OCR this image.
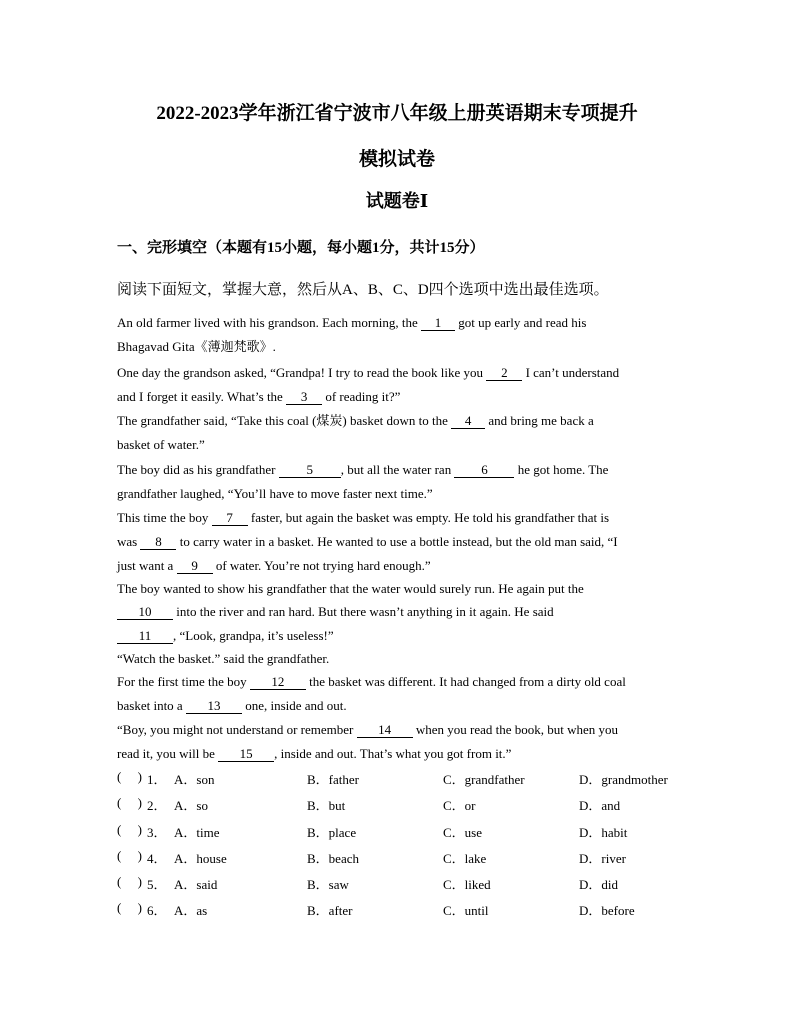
2022-2023学年浙江省宁波市八年级上册英语期末专项提升
模拟试卷
试题卷Ⅰ
一、完形填空（本题有15小题，每小题1分，共计15分）
阅读下面短文，掌握大意，然后从A、B、C、D四个选项中选出最佳选项。
An old farmer lived with his grandson. Each morning, the 1 got up early and read his
Bhagavad Gita《薄迦梵歌》.
One day the grandson asked, “Grandpa! I try to read the book like you 2 I can’t understand
and I forget it easily. What’s the 3 of reading it?”
The grandfather said, “Take this coal (煤炭) basket down to the 4 and bring me back a
basket of water.”
The boy did as his grandfather 5 , but all the water ran 6 he got home. The
grandfather laughed, “You’ll have to move faster next time.”
This time the boy 7 faster, but again the basket was empty. He told his grandfather that is
was 8 to carry water in a basket. He wanted to use a bottle instead, but the old man said, “I
just want a 9 of water. You’re not trying hard enough.”
The boy wanted to show his grandfather that the water would surely run. He again put the
10 into the river and ran hard. But there wasn’t anything in it again. He said
11 , “Look, grandpa, it’s useless!”
“Watch the basket.” said the grandfather.
For the first time the boy 12 the basket was different. It had changed from a dirty old coal
basket into a 13 one, inside and out.
“Boy, you might not understand or remember 14 when you read the book, but when you
read it, you will be 15 , inside and out. That’s what you got from it.”
(     ) 1． A．son	B．father	C．grandfather	D．grandmother
(     ) 2． A．so	B．but	C．or	D．and
(     ) 3． A．time	B．place	C．use	D．habit
(     ) 4． A．house	B．beach	C．lake	D．river
(     ) 5． A．said	B．saw	C．liked	D．did
(     ) 6． A．as	B．after	C．until	D．before
